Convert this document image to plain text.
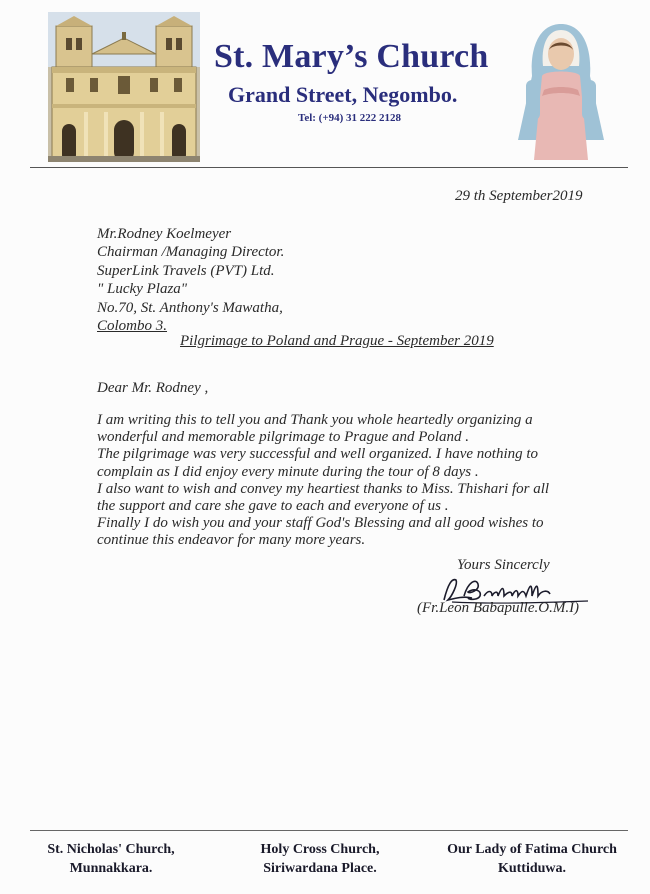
St. Mary’s Church
Grand Street, Negombo.
Tel: (+94) 31 222 2128
29 th September2019
Mr.Rodney Koelmeyer
Chairman /Managing Director.
SuperLink Travels (PVT) Ltd.
" Lucky Plaza"
No.70, St. Anthony's Mawatha,
Colombo 3.
Pilgrimage to Poland and Prague - September 2019
Dear Mr. Rodney ,
I am writing this to tell you and Thank you whole heartedly organizing a
wonderful and memorable pilgrimage to Prague and Poland .
The pilgrimage was very successful and well organized. I have nothing to
complain as I did enjoy every minute during the tour of 8 days .
I also want to wish and convey my heartiest thanks to Miss. Thishari for all
the support and care she gave to each and everyone of us .
Finally I do wish you and your staff God's Blessing and all good wishes to
continue this endeavor for many more years.
Yours Sincercly
(Fr.Leon Babapulle.O.M.I)
St. Nicholas' Church,
Munnakkara.
Holy Cross Church,
Siriwardana Place.
Our Lady of Fatima Church
Kuttiduwa.
